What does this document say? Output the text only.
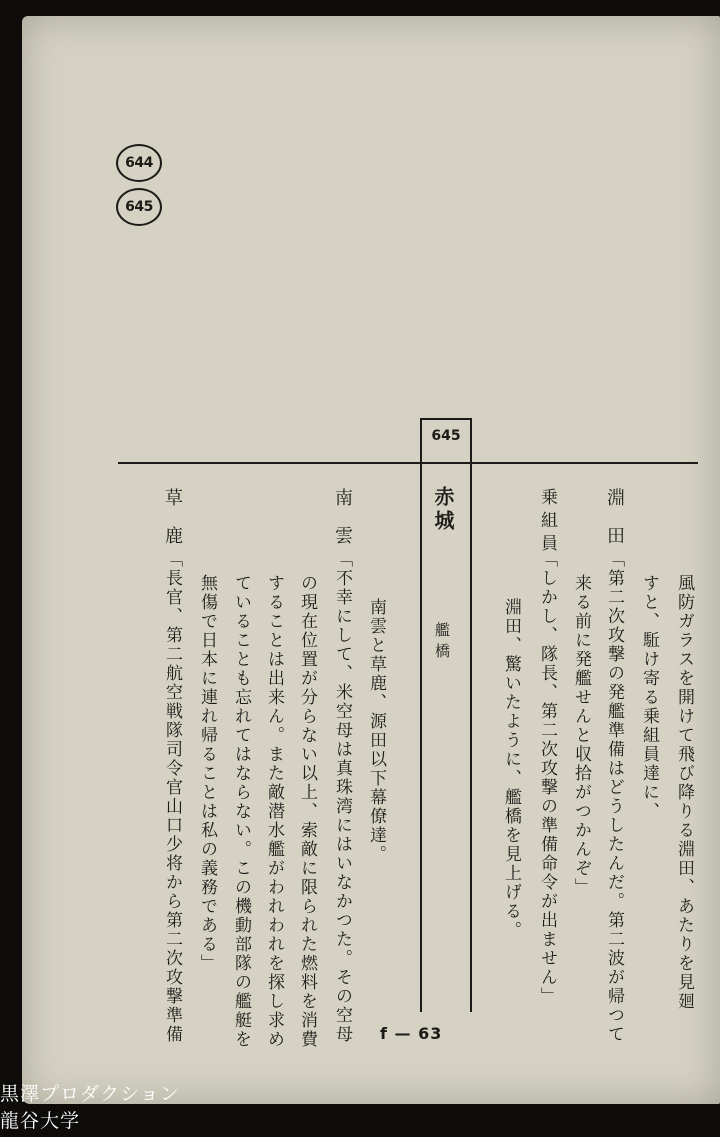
644
645
645

風防ガラスを開けて飛び降りる淵田、あたりを見廻

すと、駈け寄る乗組員達に、

淵田

「第二次攻撃の発艦準備はどうしたんだ。第二波が帰つて

来る前に発艦せんと収拾がつかんぞ」

乗組員

「しかし、隊長、第二次攻撃の準備命令が出ません」

淵田、驚いたように、艦橋を見上げる。

赤城

艦橋

南雲と草鹿、源田以下幕僚達。

南雲

「不幸にして、米空母は真珠湾にはいなかつた。その空母

の現在位置が分らない以上、索敵に限られた燃料を消費

することは出来ん。また敵潜水艦がわれわれを探し求め

ていることも忘れてはならない。この機動部隊の艦艇を

無傷で日本に連れ帰ることは私の義務である」

草鹿

「長官、第二航空戦隊司令官山口少将から第二次攻撃準備	f — 63
黒澤プロダクション
龍谷大学
